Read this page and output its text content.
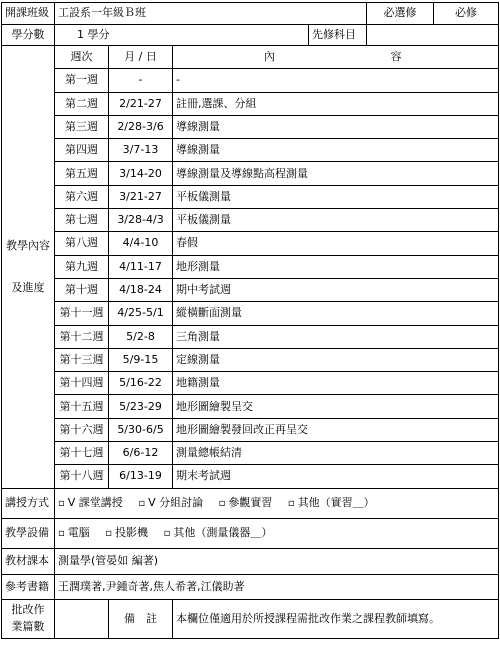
開課班級	工設系一年級Ｂ班				必選修	必修
學分數	1 學分			先修科目		

教學內容
及進度	週次	月 / 日	內 容			
	第一週	-	-			
	第二週	2/21-27	註冊,選課、分組			
	第三週	2/28-3/6	導線測量			
	第四週	3/7-13	導線測量			
	第五週	3/14-20	導線測量及導線點高程測量			
	第六週	3/21-27	平板儀測量			
	第七週	3/28-4/3	平板儀測量			
	第八週	4/4-10	春假			
	第九週	4/11-17	地形測量			
	第十週	4/18-24	期中考試週			
	第十一週	4/25-5/1	縱橫斷面測量			
	第十二週	5/2-8	三角測量			
	第十三週	5/9-15	定線測量			
	第十四週	5/16-22	地籍測量			
	第十五週	5/23-29	地形圖繪製呈交			
	第十六週	5/30-6/5	地形圖繪製發回改正再呈交			
	第十七週	6/6-12	測量總帳結清			
	第十八週	6/13-19	期末考試週			
講授方式	▫ V 課堂講授 ▫ V 分組討論 ▫ 參觀實習 ▫ 其他（實習＿）					
教學設備	▫ 電腦 ▫ 投影機 ▫ 其他（測量儀器＿）					
教材課本	測量學(管晏如 編著)					
參考書籍	王潤璞著,尹鍾奇著,焦人希著,江儀助著					
批改作
業篇數		備　註	本欄位僅適用於所授課程需批改作業之課程教師填寫。			
